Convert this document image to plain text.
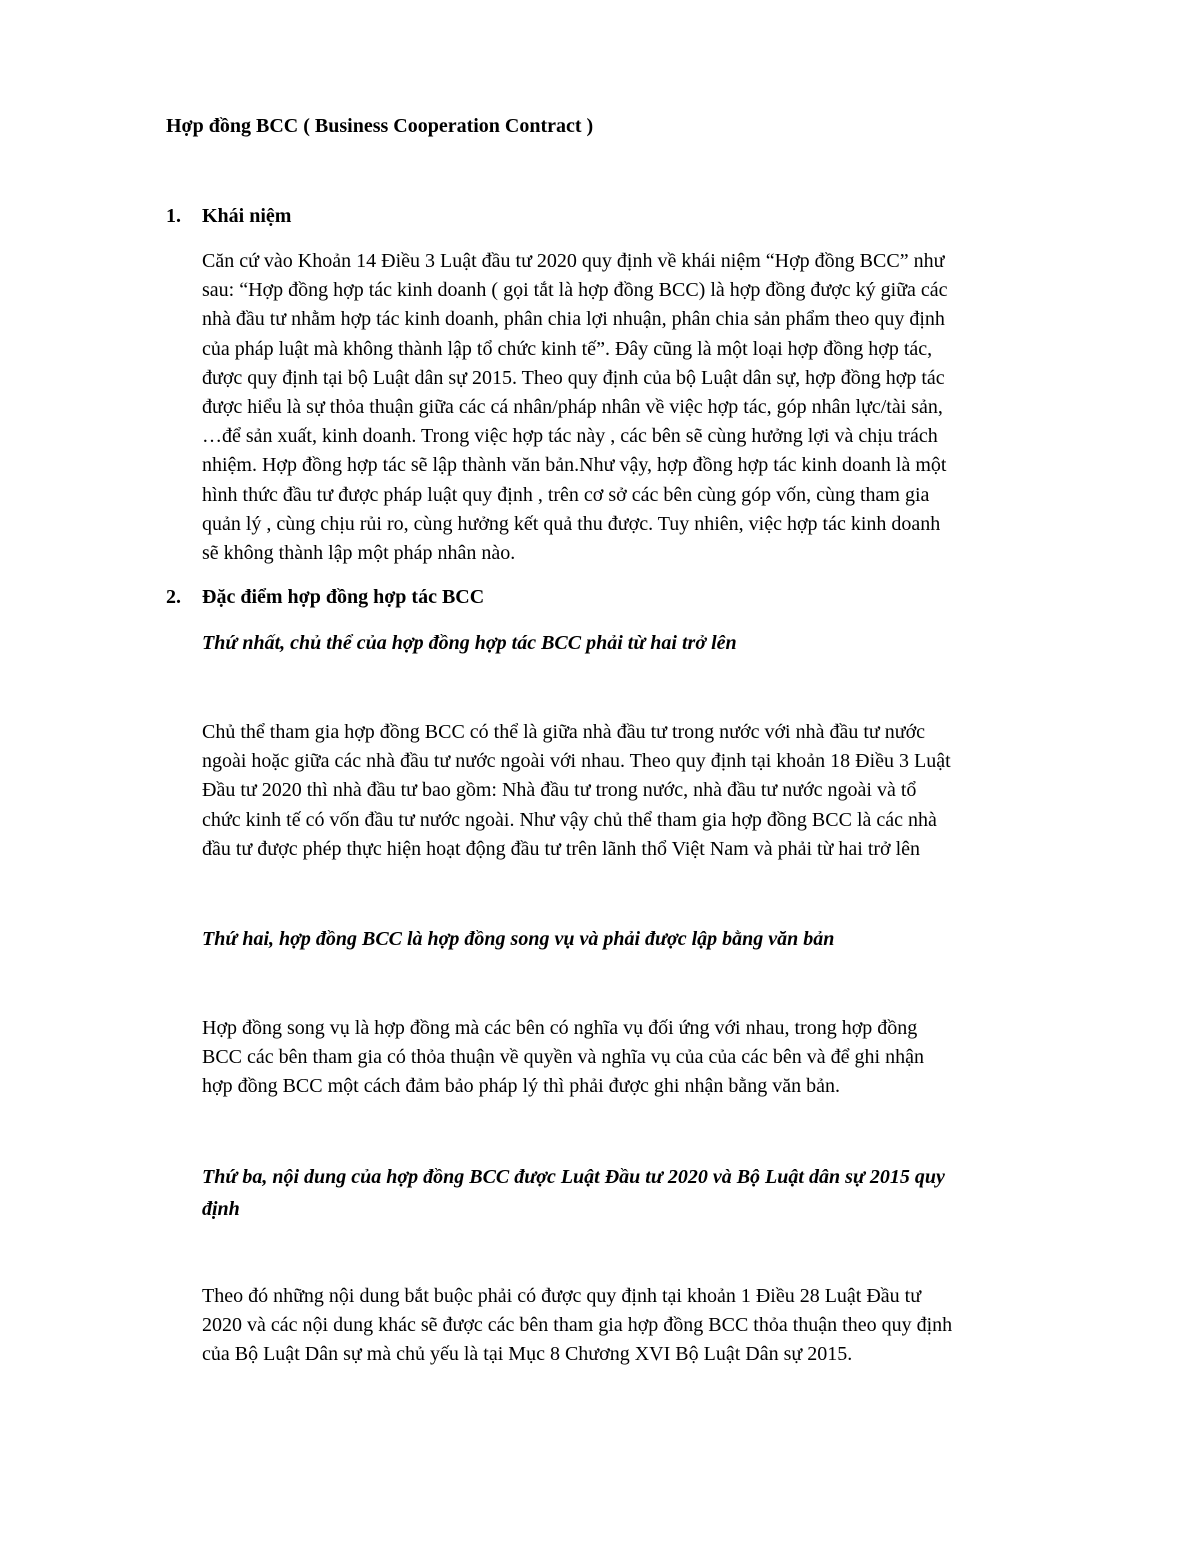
Hợp đồng BCC ( Business Cooperation Contract )
1. Khái niệm
Căn cứ vào Khoản 14 Điều 3 Luật đầu tư 2020 quy định về khái niệm “Hợp đồng BCC” như
sau: “Hợp đồng hợp tác kinh doanh ( gọi tắt là hợp đồng BCC) là hợp đồng được ký giữa các
nhà đầu tư nhằm hợp tác kinh doanh, phân chia lợi nhuận, phân chia sản phẩm theo quy định
của pháp luật mà không thành lập tổ chức kinh tế”. Đây cũng là một loại hợp đồng hợp tác,
được quy định tại bộ Luật dân sự 2015. Theo quy định của bộ Luật dân sự, hợp đồng hợp tác
được hiểu là sự thỏa thuận giữa các cá nhân/pháp nhân về việc hợp tác, góp nhân lực/tài sản,
…để sản xuất, kinh doanh. Trong việc hợp tác này , các bên sẽ cùng hưởng lợi và chịu trách
nhiệm. Hợp đồng hợp tác sẽ lập thành văn bản.Như vậy, hợp đồng hợp tác kinh doanh là một
hình thức đầu tư được pháp luật quy định , trên cơ sở các bên cùng góp vốn, cùng tham gia
quản lý , cùng chịu rủi ro, cùng hưởng kết quả thu được. Tuy nhiên, việc hợp tác kinh doanh
sẽ không thành lập một pháp nhân nào.
2. Đặc điểm hợp đồng hợp tác BCC
Thứ nhất, chủ thể của hợp đồng hợp tác BCC phải từ hai trở lên
Chủ thể tham gia hợp đồng BCC có thể là giữa nhà đầu tư trong nước với nhà đầu tư nước
ngoài hoặc giữa các nhà đầu tư nước ngoài với nhau. Theo quy định tại khoản 18 Điều 3 Luật
Đầu tư 2020 thì nhà đầu tư bao gồm: Nhà đầu tư trong nước, nhà đầu tư nước ngoài và tổ
chức kinh tế có vốn đầu tư nước ngoài. Như vậy chủ thể tham gia hợp đồng BCC là các nhà
đầu tư được phép thực hiện hoạt động đầu tư trên lãnh thổ Việt Nam và phải từ hai trở lên
Thứ hai, hợp đồng BCC là hợp đồng song vụ và phải được lập bằng văn bản
Hợp đồng song vụ là hợp đồng mà các bên có nghĩa vụ đối ứng với nhau, trong hợp đồng
BCC các bên tham gia có thỏa thuận về quyền và nghĩa vụ của của các bên và để ghi nhận
hợp đồng BCC một cách đảm bảo pháp lý thì phải được ghi nhận bằng văn bản.
Thứ ba, nội dung của hợp đồng BCC được Luật Đầu tư 2020 và Bộ Luật dân sự 2015 quy
định
Theo đó những nội dung bắt buộc phải có được quy định tại khoản 1 Điều 28 Luật Đầu tư
2020 và các nội dung khác sẽ được các bên tham gia hợp đồng BCC thỏa thuận theo quy định
của Bộ Luật Dân sự mà chủ yếu là tại Mục 8 Chương XVI Bộ Luật Dân sự 2015.
